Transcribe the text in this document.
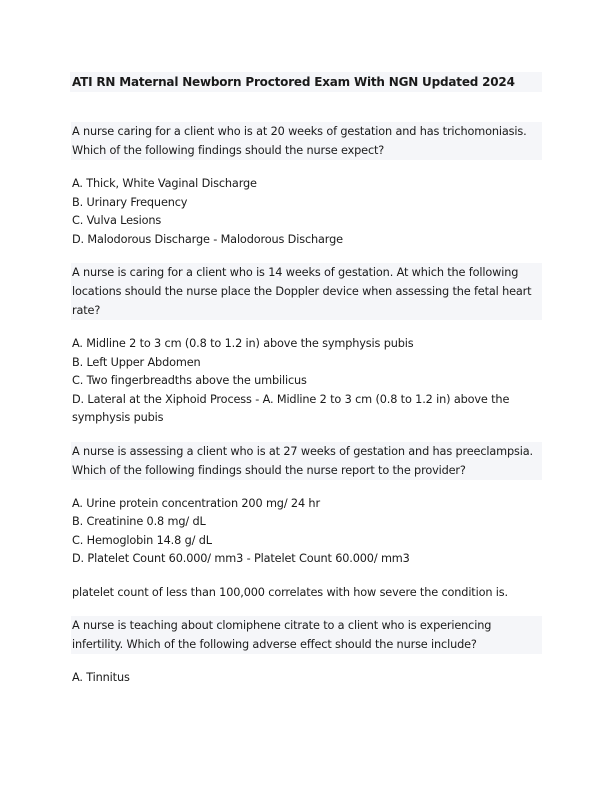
ATI RN Maternal Newborn Proctored Exam With NGN Updated 2024
A nurse caring for a client who is at 20 weeks of gestation and has trichomoniasis. Which of the following findings should the nurse expect?
A. Thick, White Vaginal Discharge
B. Urinary Frequency
C. Vulva Lesions
D. Malodorous Discharge - Malodorous Discharge
A nurse is caring for a client who is 14 weeks of gestation. At which the following locations should the nurse place the Doppler device when assessing the fetal heart rate?
A. Midline 2 to 3 cm (0.8 to 1.2 in) above the symphysis pubis
B. Left Upper Abdomen
C. Two fingerbreadths above the umbilicus
D. Lateral at the Xiphoid Process - A. Midline 2 to 3 cm (0.8 to 1.2 in) above the symphysis pubis
A nurse is assessing a client who is at 27 weeks of gestation and has preeclampsia. Which of the following findings should the nurse report to the provider?
A. Urine protein concentration 200 mg/ 24 hr
B. Creatinine 0.8 mg/ dL
C. Hemoglobin 14.8 g/ dL
D. Platelet Count 60.000/ mm3 - Platelet Count 60.000/ mm3
platelet count of less than 100,000 correlates with how severe the condition is.
A nurse is teaching about clomiphene citrate to a client who is experiencing infertility. Which of the following adverse effect should the nurse include?
A. Tinnitus
